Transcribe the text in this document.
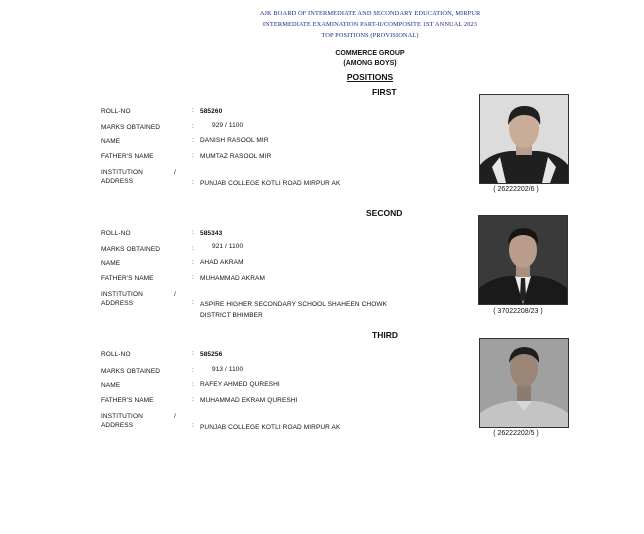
AJK BOARD OF INTERMEDIATE AND SECONDARY EDUCATION, MIRPUR
INTERMEDIATE EXAMINATION PART-II/COMPOSITE 1ST ANNUAL 2023
TOP POSITIONS (PROVISIONAL)
COMMERCE GROUP
(AMONG BOYS)
POSITIONS
FIRST
ROLL-NO	: 585260
MARKS OBTAINED	:	929 / 1100
NAME	: DANISH RASOOL MIR
FATHER'S NAME	: MUMTAZ RASOOL MIR
INSTITUTION	/
ADDRESS	: PUNJAB COLLEGE KOTLI ROAD MIRPUR AK
( 26222202/6 )
SECOND
ROLL-NO	: 585343
MARKS OBTAINED	:	921 / 1100
NAME	: AHAD AKRAM
FATHER'S NAME	: MUHAMMAD AKRAM
INSTITUTION	/
ADDRESS	: ASPIRE HIGHER SECONDARY SCHOOL SHAHEEN CHOWK
DISTRICT BHIMBER
( 37022208/23 )
THIRD
ROLL-NO	: 585256
MARKS OBTAINED	:	913 / 1100
NAME	: RAFEY AHMED QURESHI
FATHER'S NAME	: MUHAMMAD EKRAM QURESHI
INSTITUTION	/
ADDRESS	: PUNJAB COLLEGE KOTLI ROAD MIRPUR AK
( 26222202/5 )
